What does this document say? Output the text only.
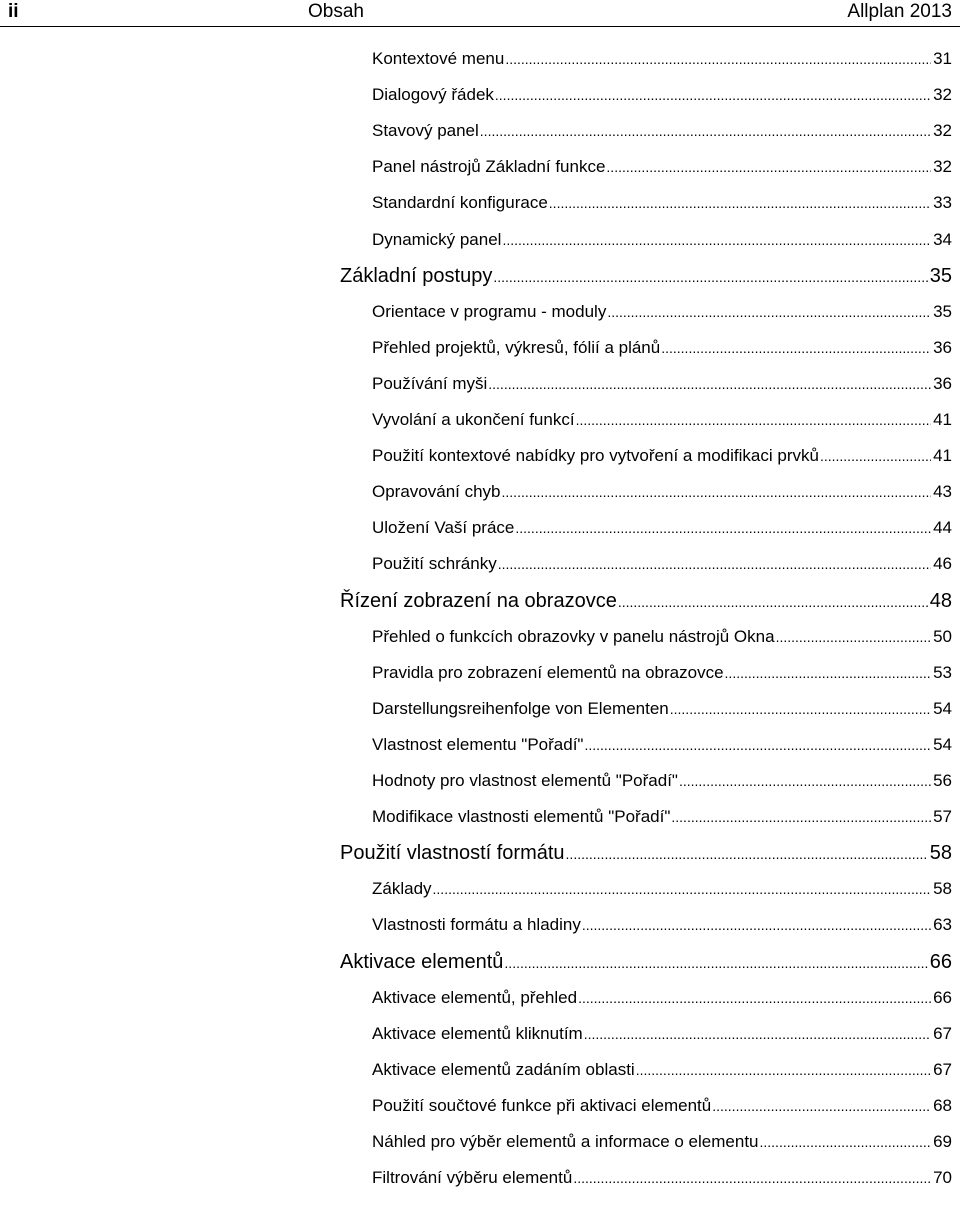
ii	Obsah	Allplan 2013
Kontextové menu .....	31
Dialogový řádek .....	32
Stavový panel .....	32
Panel nástrojů Základní funkce .....	32
Standardní konfigurace .....	33
Dynamický panel .....	34
Základní postupy .....	35
Orientace v programu - moduly .....	35
Přehled projektů, výkresů, fólií a plánů .....	36
Používání myši .....	36
Vyvolání a ukončení funkcí .....	41
Použití kontextové nabídky pro vytvoření a modifikaci prvků .....	41
Opravování chyb .....	43
Uložení Vaší práce .....	44
Použití schránky .....	46
Řízení zobrazení na obrazovce .....	48
Přehled o funkcích obrazovky v panelu nástrojů Okna .....	50
Pravidla pro zobrazení elementů na obrazovce .....	53
Darstellungsreihenfolge von Elementen .....	54
Vlastnost elementu "Pořadí" .....	54
Hodnoty pro vlastnost elementů "Pořadí" .....	56
Modifikace vlastnosti elementů "Pořadí" .....	57
Použití vlastností formátu .....	58
Základy .....	58
Vlastnosti formátu a hladiny .....	63
Aktivace elementů .....	66
Aktivace elementů, přehled .....	66
Aktivace elementů kliknutím .....	67
Aktivace elementů zadáním oblasti .....	67
Použití součtové funkce při aktivaci elementů .....	68
Náhled pro výběr elementů a informace o elementu .....	69
Filtrování výběru elementů .....	70
